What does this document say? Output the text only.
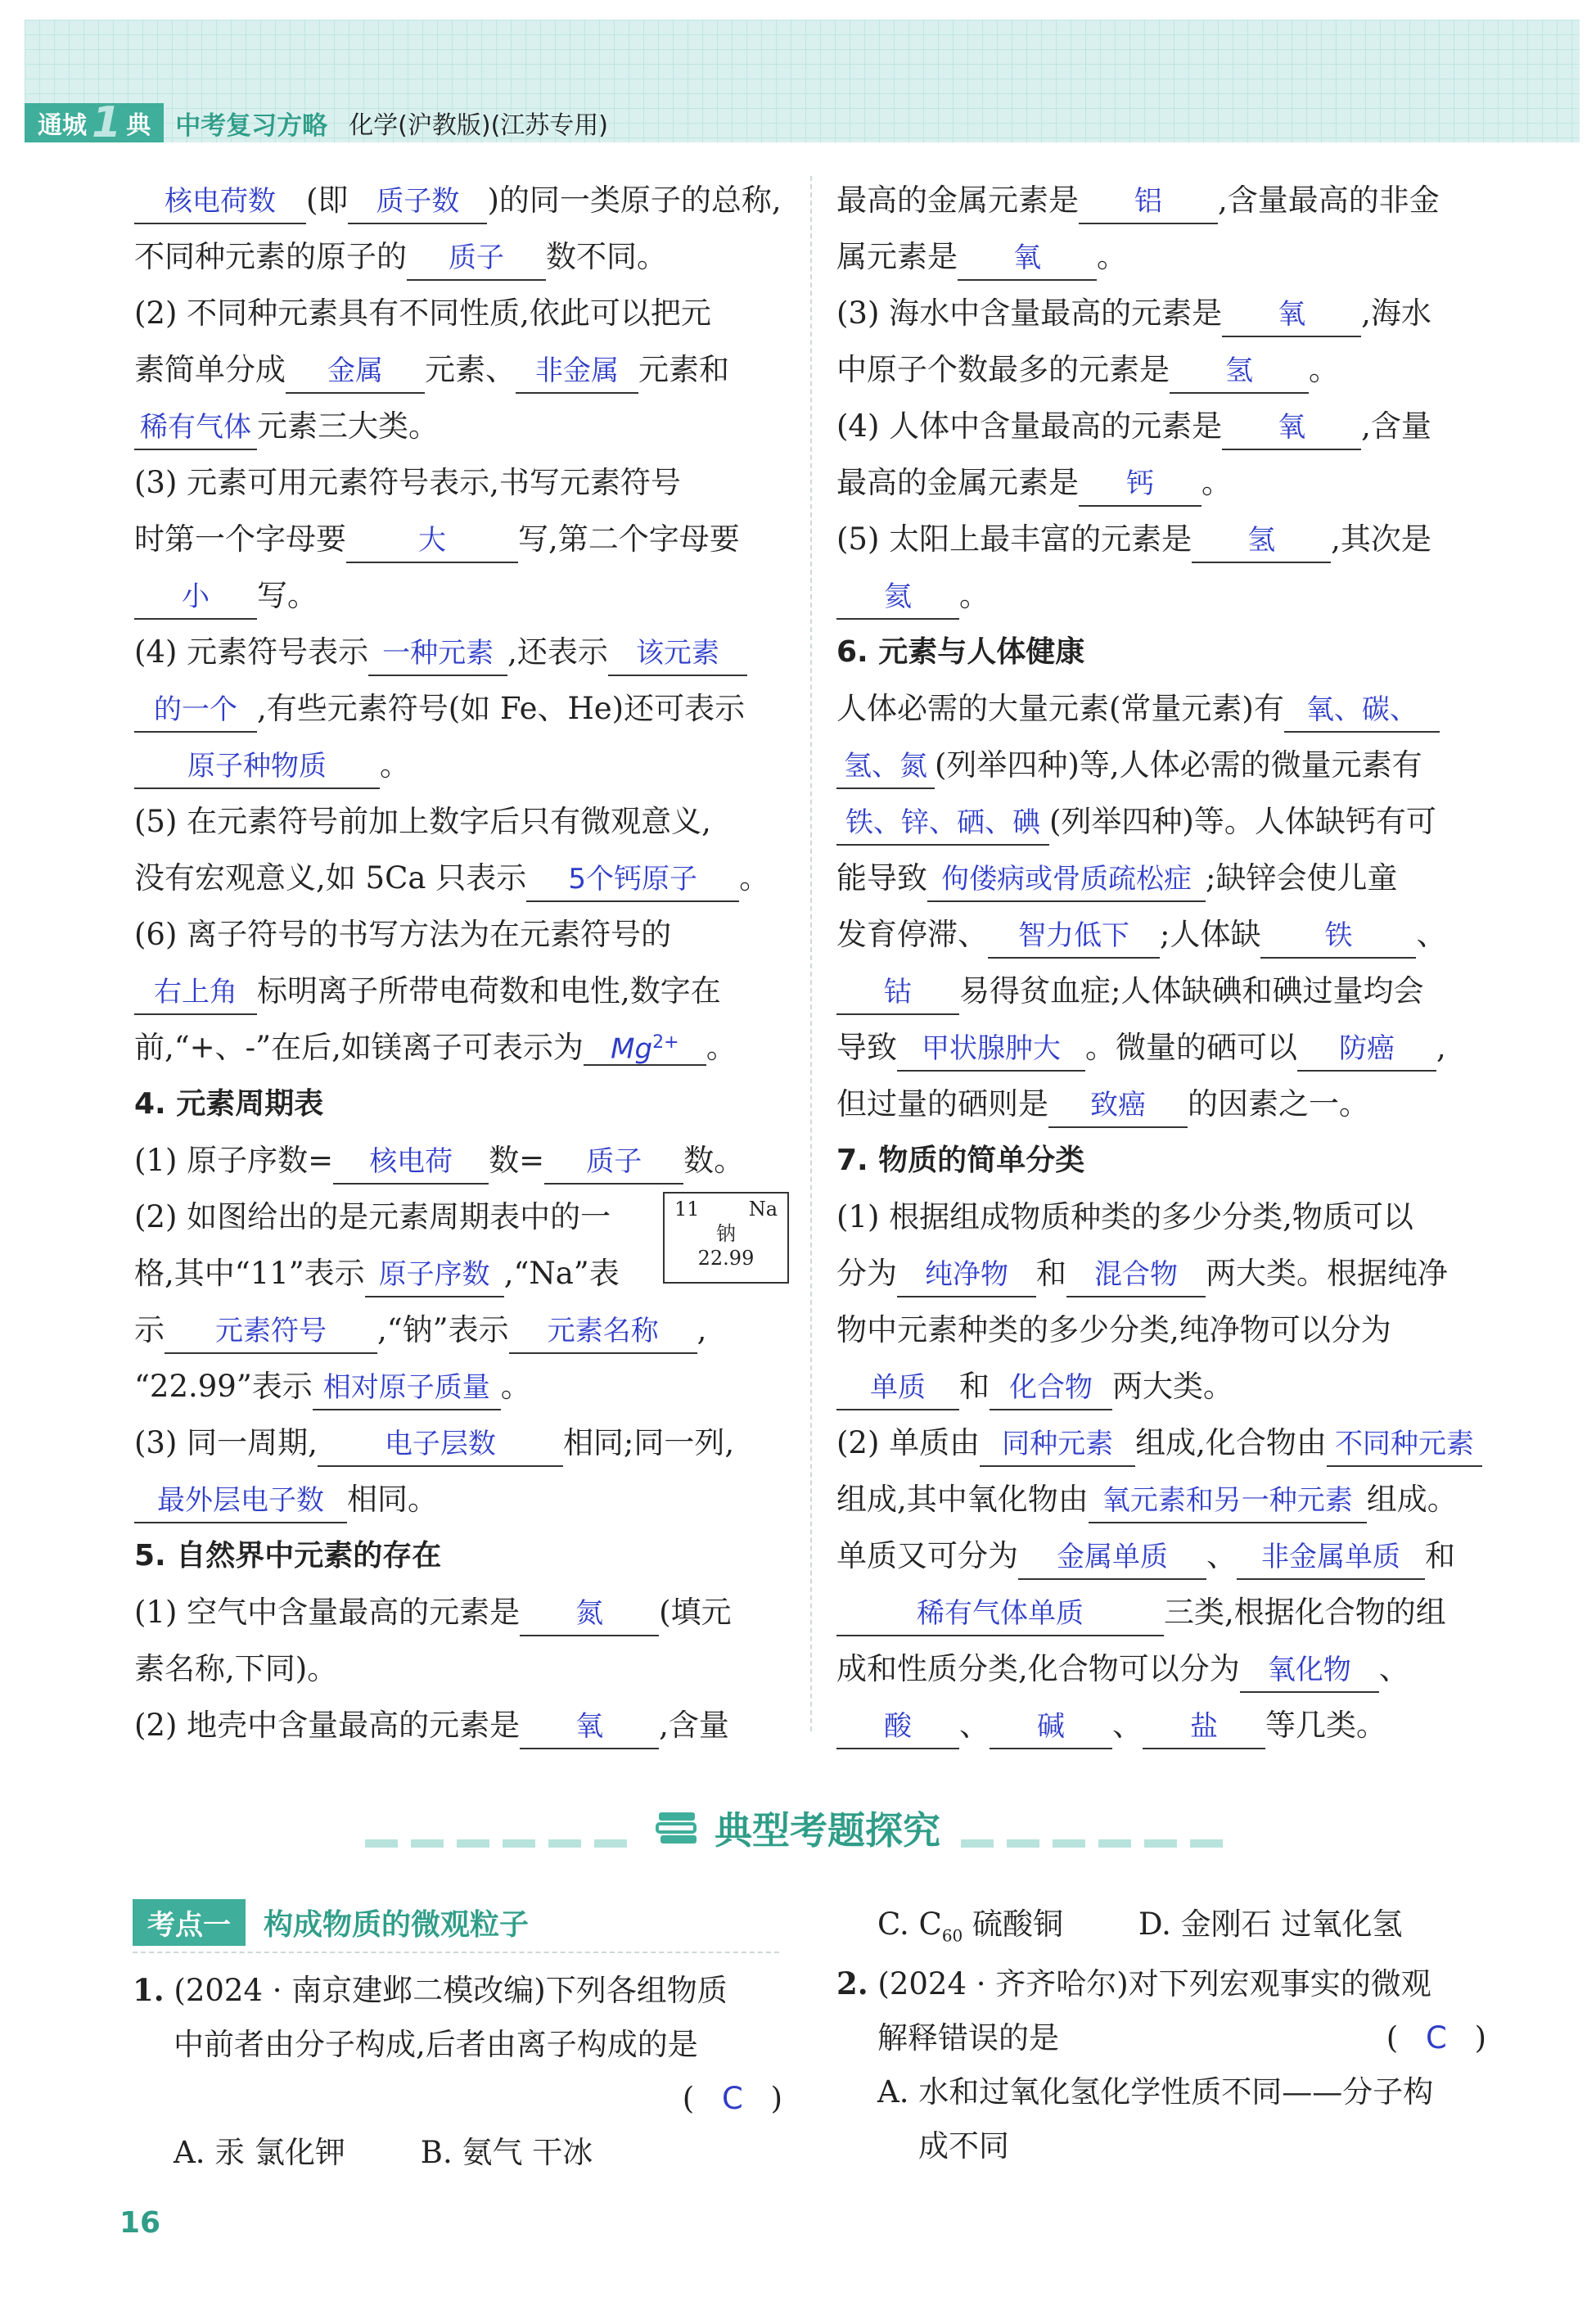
通城 1 典 中考复习方略 化学(沪教版)(江苏专用)

核电荷数 (即 质子数 )的同一类原子的总称,
不同种元素的原子的 质子 数不同。

(2) 不同种元素具有不同性质,依此可以把元
素简单分成 金属 元素、 非金属 元素和
稀有气体 元素三大类。

(3) 元素可用元素符号表示,书写元素符号
时第一个字母要	大 写,第二个字母要
小 写。

(4) 元素符号表示 一种元素 ,还表示 该元素
的一个 ,有些元素符号(如 Fe、He)还可表示
原子种物质 。

(5) 在元素符号前加上数字后只有微观意义,
没有宏观意义,如 5Ca 只表示 5个钙原子 。

(6) 离子符号的书写方法为在元素符号的
右上角 标明离子所带电荷数和电性,数字在
前,“+、-”在后,如镁离子可表示为 $Mg^{2+}$ 。

4. 元素周期表

(1) 原子序数= 核电荷 数= 质子 数。

11	Na
钠
22.99
(2) 如图给出的是元素周期表中的一
格,其中“11”表示 原子序数 ,“Na”表
示 元素符号 ,“钠”表示 元素名称 ,
“22.99”表示 相对原子质量 。

(3) 同一周期, 电子层数 相同;同一列,
最外层电子数 相同。

5. 自然界中元素的存在

(1) 空气中含量最高的元素是 氮 (填元
素名称,下同)。

(2) 地壳中含量最高的元素是 氧 ,含量

最高的金属元素是 铝 ,含量最高的非金
属元素是 氧 。

(3) 海水中含量最高的元素是 氧 ,海水
中原子个数最多的元素是 氢 。

(4) 人体中含量最高的元素是 氧 ,含量
最高的金属元素是 钙 。

(5) 太阳上最丰富的元素是 氢 ,其次是
氦 。

6. 元素与人体健康

人体必需的大量元素(常量元素)有 氧、碳、
氢、氮 (列举四种)等,人体必需的微量元素有
铁、锌、硒、碘 (列举四种)等。人体缺钙有可
能导致 佝偻病或骨质疏松症 ;缺锌会使儿童
发育停滞、 智力低下 ;人体缺 铁 、
钴 易得贫血症;人体缺碘和碘过量均会
导致 甲状腺肿大 。微量的硒可以 防癌 ,
但过量的硒则是 致癌 的因素之一。

7. 物质的简单分类

(1) 根据组成物质种类的多少分类,物质可以
分为 纯净物 和 混合物 两大类。根据纯净
物中元素种类的多少分类,纯净物可以分为
单质 和 化合物 两大类。

(2) 单质由 同种元素 组成,化合物由 不同种元素
组成,其中氧化物由 氧元素和另一种元素 组成。
单质又可分为 金属单质 、 非金属单质 和
稀有气体单质	三类,根据化合物的组
成和性质分类,化合物可以分为 氧化物 、
酸 、 碱 、 盐 等几类。

典型考题探究

考点一	构成物质的微观粒子
1. (2024 · 南京建邺二模改编)下列各组物质
中前者由分子构成,后者由离子构成的是

( C )
A. 汞 氯化钾 B. 氨气 干冰
C. $C_{60}$ 硫酸铜 D. 金刚石 过氧化氢
2. (2024 · 齐齐哈尔)对下列宏观事实的微观
解释错误的是	( C )

A. 水和过氧化氢化学性质不同——分子构
成不同
16
